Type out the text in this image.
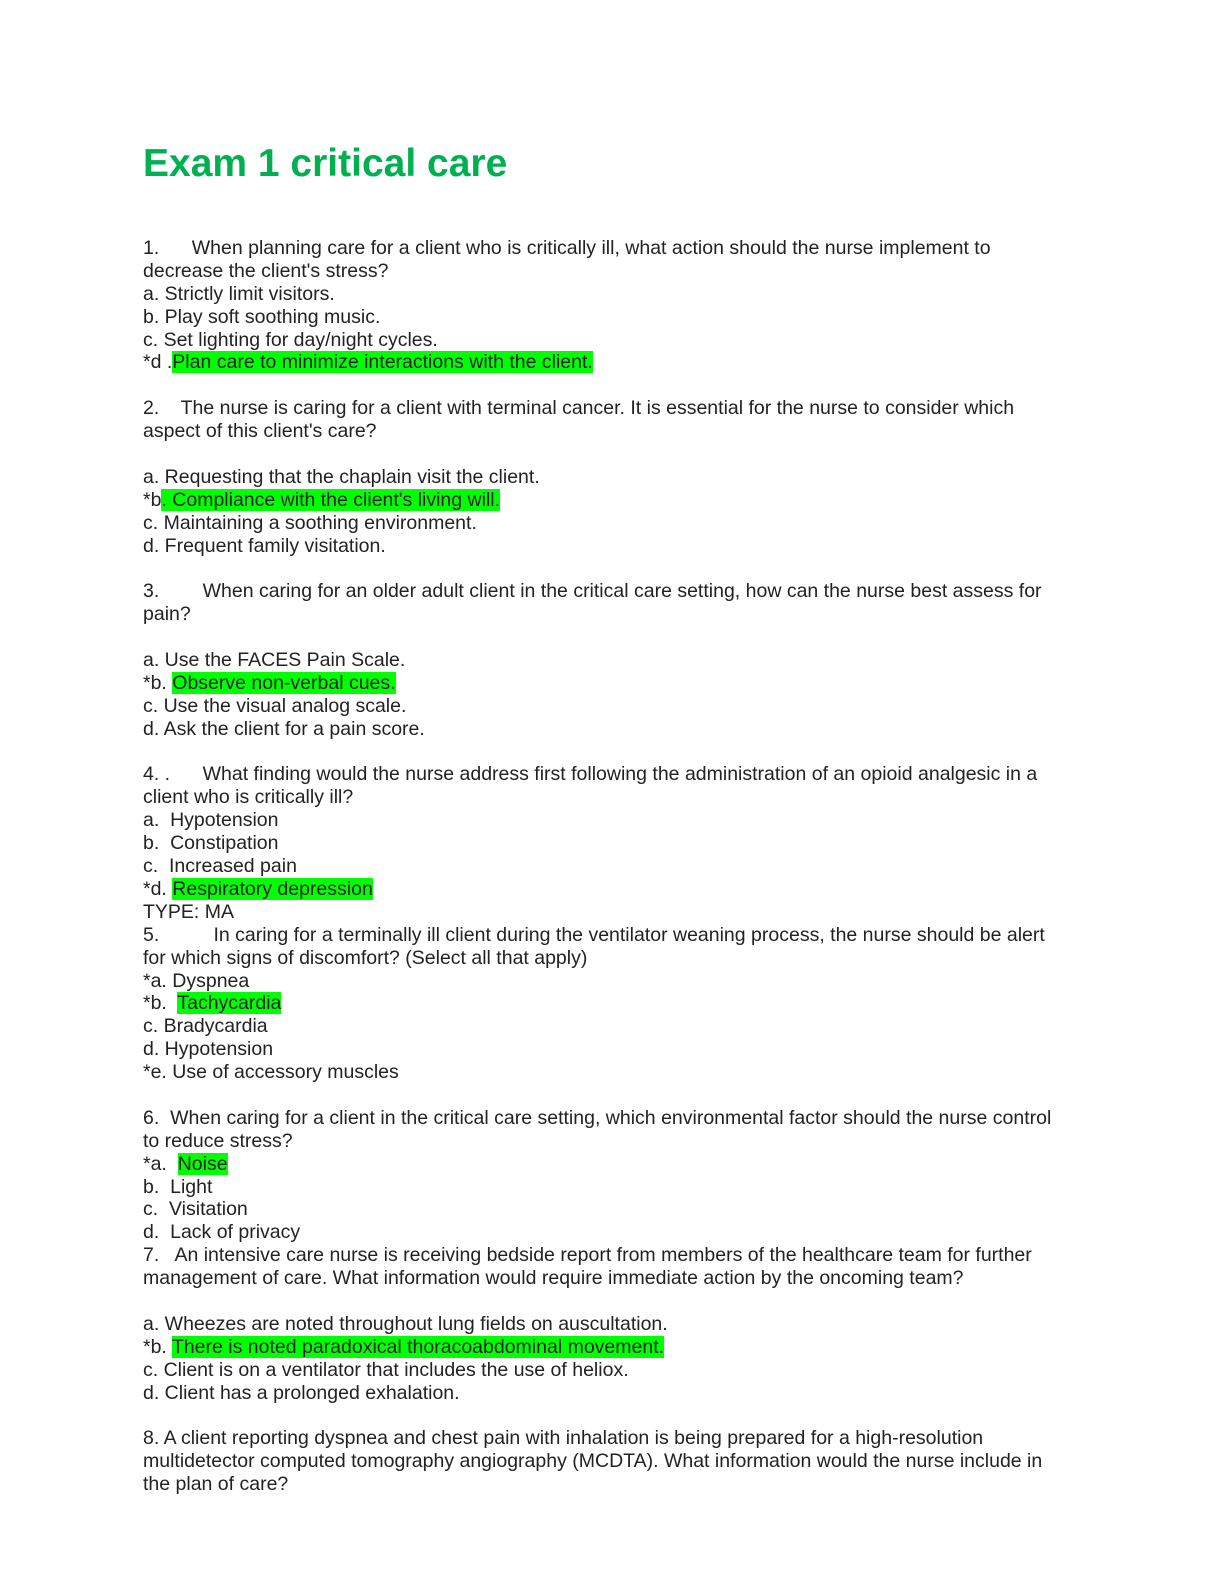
Exam 1 critical care
1.      When planning care for a client who is critically ill, what action should the nurse implement to
decrease the client's stress?
a. Strictly limit visitors.
b. Play soft soothing music.
c. Set lighting for day/night cycles.
*d .Plan care to minimize interactions with the client.
2.    The nurse is caring for a client with terminal cancer. It is essential for the nurse to consider which
aspect of this client's care?
a. Requesting that the chaplain visit the client.
*b. Compliance with the client's living will.
c. Maintaining a soothing environment.
d. Frequent family visitation.
3.        When caring for an older adult client in the critical care setting, how can the nurse best assess for
pain?
a. Use the FACES Pain Scale.
*b. Observe non-verbal cues.
c. Use the visual analog scale.
d. Ask the client for a pain score.
4. .      What finding would the nurse address first following the administration of an opioid analgesic in a
client who is critically ill?
a.  Hypotension
b.  Constipation
c.  Increased pain
*d. Respiratory depression
TYPE: MA
5.          In caring for a terminally ill client during the ventilator weaning process, the nurse should be alert
for which signs of discomfort? (Select all that apply)
*a. Dyspnea
*b.  Tachycardia
c. Bradycardia
d. Hypotension
*e. Use of accessory muscles
6.  When caring for a client in the critical care setting, which environmental factor should the nurse control
to reduce stress?
*a.  Noise
b.  Light
c.  Visitation
d.  Lack of privacy
7.   An intensive care nurse is receiving bedside report from members of the healthcare team for further
management of care. What information would require immediate action by the oncoming team?
a. Wheezes are noted throughout lung fields on auscultation.
*b. There is noted paradoxical thoracoabdominal movement.
c. Client is on a ventilator that includes the use of heliox.
d. Client has a prolonged exhalation.
8. A client reporting dyspnea and chest pain with inhalation is being prepared for a high-resolution
multidetector computed tomography angiography (MCDTA). What information would the nurse include in
the plan of care?
